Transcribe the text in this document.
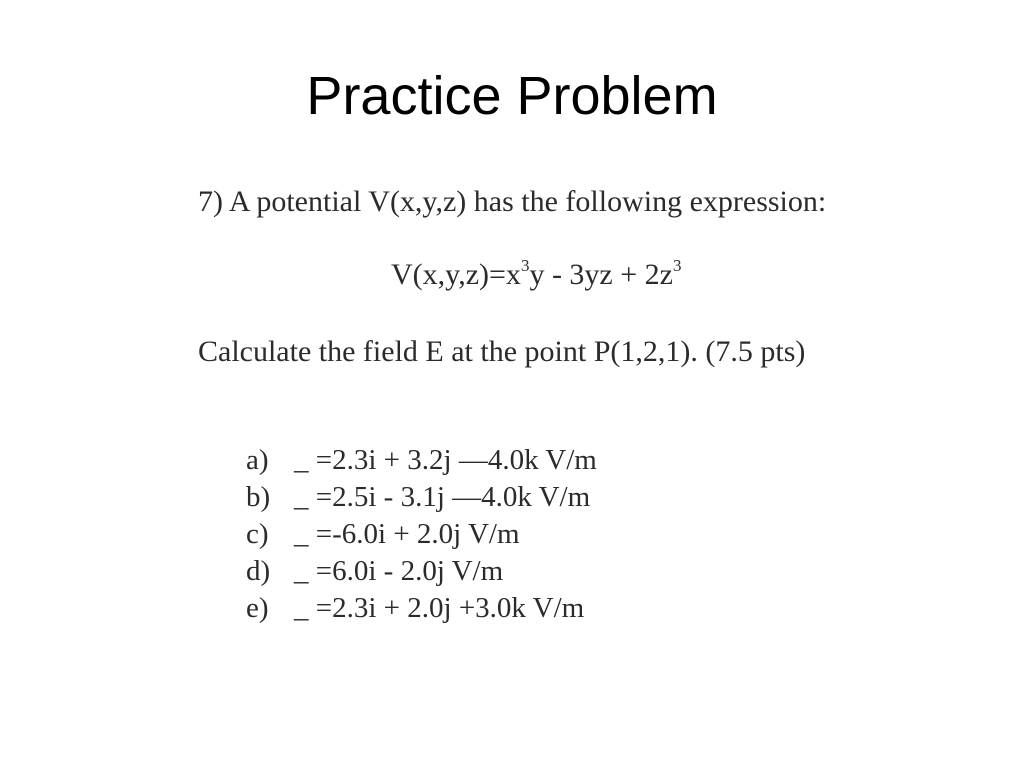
Practice Problem
7) A potential V(x,y,z) has the following expression:
$V(x,y,z)=x^3y - 3yz + 2z^3$
Calculate the field E at the point P(1,2,1). (7.5 pts)
a) _ =2.3i + 3.2j —4.0k V/m
b) _ =2.5i - 3.1j —4.0k V/m
c) _ =-6.0i + 2.0j V/m
d) _ =6.0i - 2.0j V/m
e) _ =2.3i + 2.0j +3.0k V/m
